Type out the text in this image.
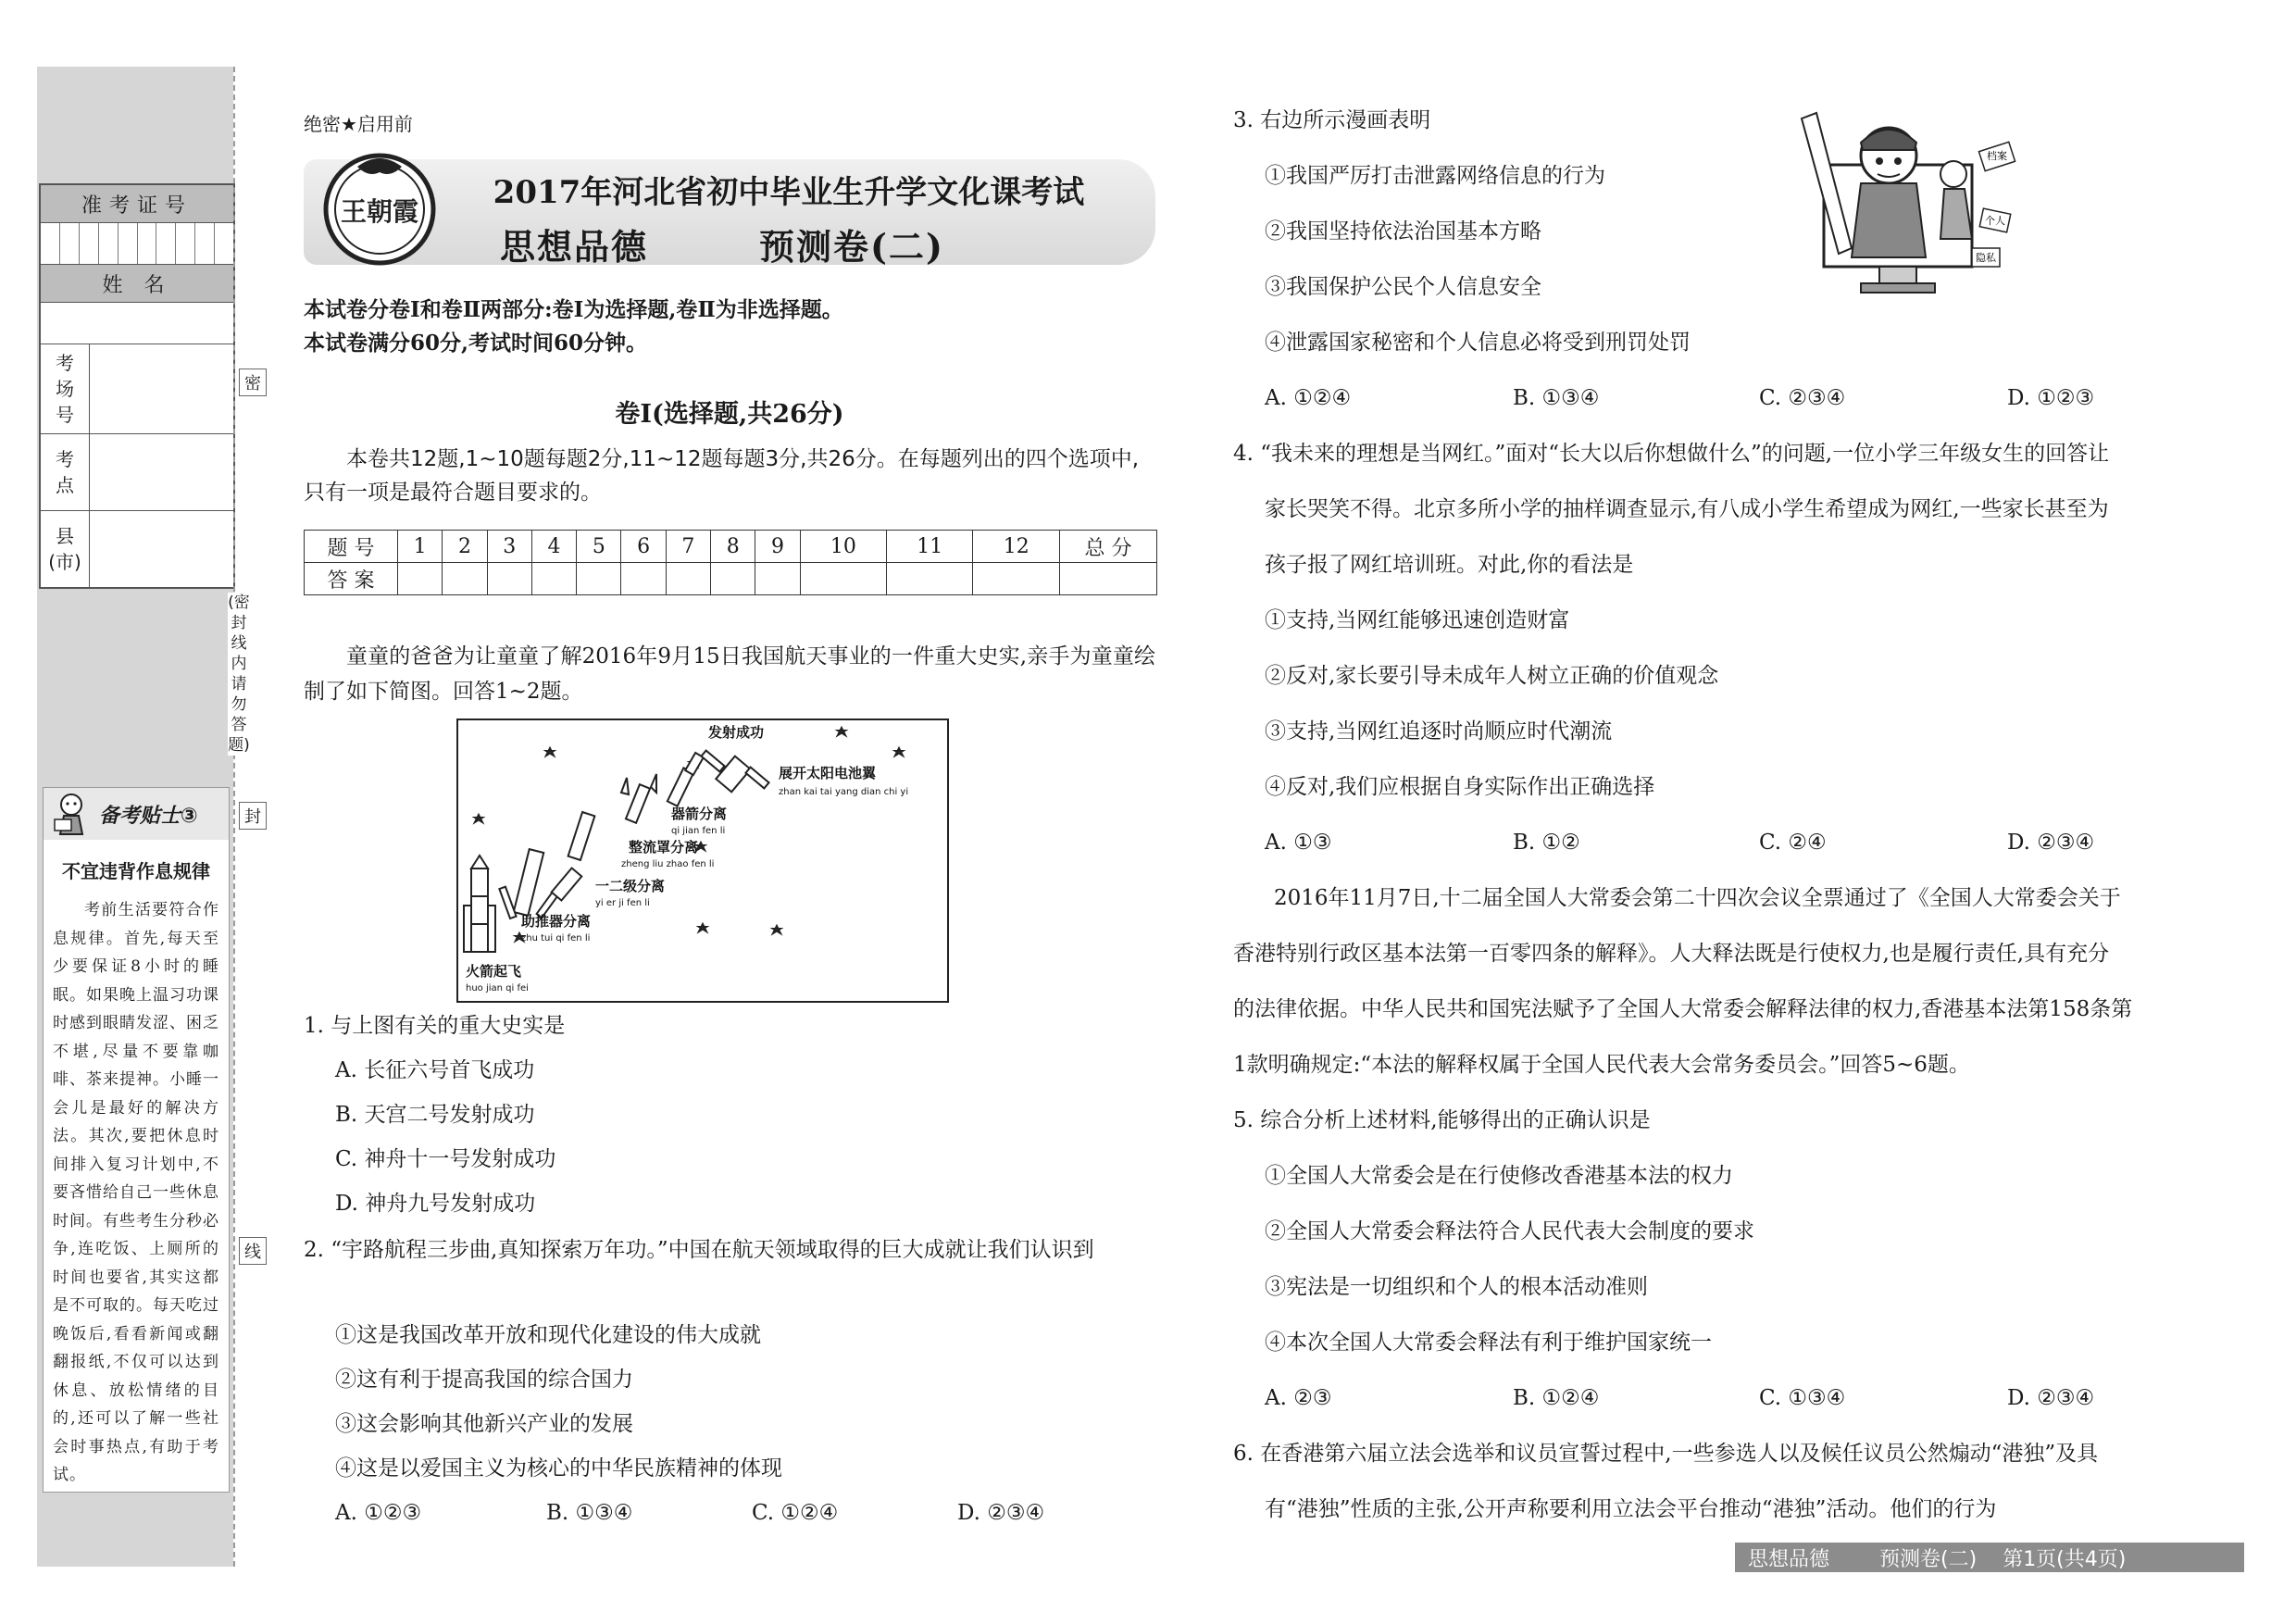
准考证号
姓 名
考场号
考点
县(市)
密
封
线
(密封线内请勿答题)
备考贴士③
不宜违背作息规律
考前生活要符合作息规律。首先,每天至少要保证8小时的睡眠。如果晚上温习功课时感到眼睛发涩、困乏不堪,尽量不要靠咖啡、茶来提神。小睡一会儿是最好的解决方法。其次,要把休息时间排入复习计划中,不要吝惜给自己一些休息时间。有些考生分秒必争,连吃饭、上厕所的时间也要省,其实这都是不可取的。每天吃过晚饭后,看看新闻或翻翻报纸,不仅可以达到休息、放松情绪的目的,还可以了解一些社会时事热点,有助于考试。
绝密★启用前
王朝霞
2017年河北省初中毕业生升学文化课考试
思想品德	预测卷(二)
本试卷分卷Ⅰ和卷Ⅱ两部分:卷Ⅰ为选择题,卷Ⅱ为非选择题。
本试卷满分60分,考试时间60分钟。
卷Ⅰ(选择题,共26分)
本卷共12题,1~10题每题2分,11~12题每题3分,共26分。在每题列出的四个选项中,只有一项是最符合题目要求的。
题 号	1	2	3	4	5	6	7	8	9	10	11	12	总 分
答 案													
童童的爸爸为让童童了解2016年9月15日我国航天事业的一件重大史实,亲手为童童绘制了如下简图。回答1~2题。
发射成功
展开太阳电池翼
zhan kai tai yang dian chi yi
器箭分离
qi jian fen li
整流罩分离
zheng liu zhao fen li
一二级分离
yi er ji fen li
助推器分离
zhu tui qi fen li
火箭起飞
huo jian qi fei
1. 与上图有关的重大史实是
A. 长征六号首飞成功
B. 天宫二号发射成功
C. 神舟十一号发射成功
D. 神舟九号发射成功
2. “宇路航程三步曲,真知探索万年功。”中国在航天领域取得的巨大成就让我们认识到
①这是我国改革开放和现代化建设的伟大成就
②这有利于提高我国的综合国力
③这会影响其他新兴产业的发展
④这是以爱国主义为核心的中华民族精神的体现
A. ①②③	B. ①③④	C. ①②④	D. ②③④
3. 右边所示漫画表明
①我国严厉打击泄露网络信息的行为
②我国坚持依法治国基本方略
③我国保护公民个人信息安全
④泄露国家秘密和个人信息必将受到刑罚处罚
A. ①②④	B. ①③④	C. ②③④	D. ①②③
档案
个人
隐私
4. “我未来的理想是当网红。”面对“长大以后你想做什么”的问题,一位小学三年级女生的回答让
家长哭笑不得。北京多所小学的抽样调查显示,有八成小学生希望成为网红,一些家长甚至为
孩子报了网红培训班。对此,你的看法是
①支持,当网红能够迅速创造财富
②反对,家长要引导未成年人树立正确的价值观念
③支持,当网红追逐时尚顺应时代潮流
④反对,我们应根据自身实际作出正确选择
A. ①③	B. ①②	C. ②④	D. ②③④
2016年11月7日,十二届全国人大常委会第二十四次会议全票通过了《全国人大常委会关于
香港特别行政区基本法第一百零四条的解释》。人大释法既是行使权力,也是履行责任,具有充分
的法律依据。中华人民共和国宪法赋予了全国人大常委会解释法律的权力,香港基本法第158条第
1款明确规定:“本法的解释权属于全国人民代表大会常务委员会。”回答5~6题。
5. 综合分析上述材料,能够得出的正确认识是
①全国人大常委会是在行使修改香港基本法的权力
②全国人大常委会释法符合人民代表大会制度的要求
③宪法是一切组织和个人的根本活动准则
④本次全国人大常委会释法有利于维护国家统一
A. ②③	B. ①②④	C. ①③④	D. ②③④
6. 在香港第六届立法会选举和议员宣誓过程中,一些参选人以及候任议员公然煽动“港独”及具
有“港独”性质的主张,公开声称要利用立法会平台推动“港独”活动。他们的行为
思想品德 预测卷(二) 第1页(共4页)
